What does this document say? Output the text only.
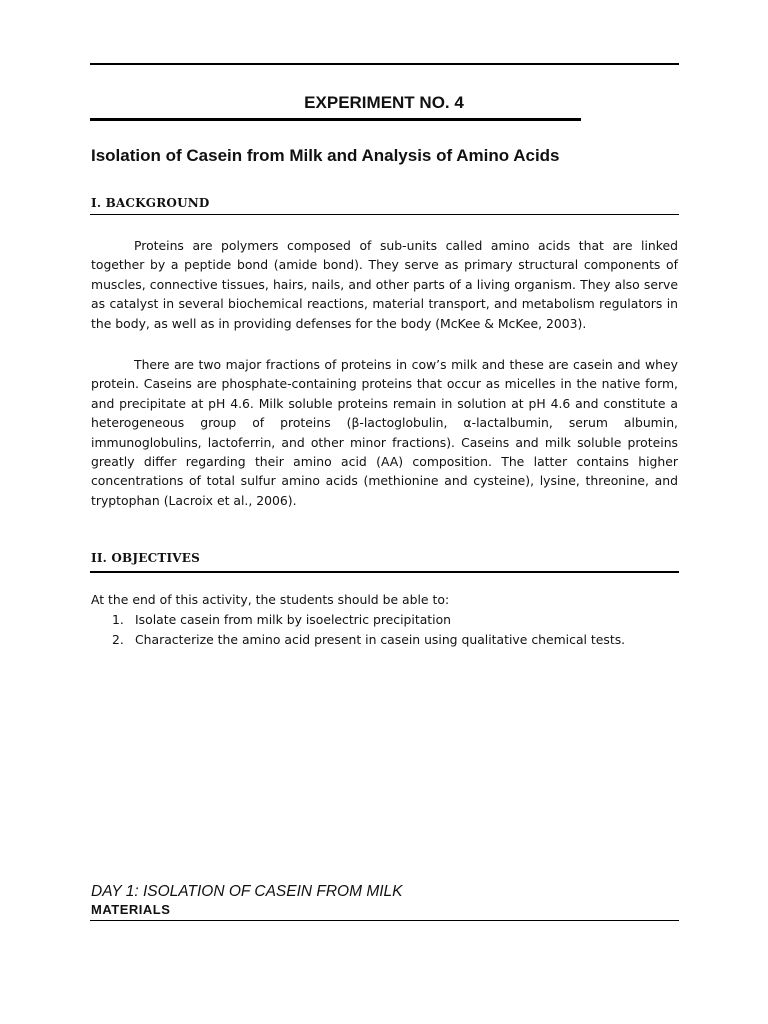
EXPERIMENT NO. 4
Isolation of Casein from Milk and Analysis of Amino Acids
I. BACKGROUND

Proteins are polymers composed of sub-units called amino acids that are linked together by a peptide bond (amide bond). They serve as primary structural components of muscles, connective tissues, hairs, nails, and other parts of a living organism. They also serve as catalyst in several biochemical reactions, material transport, and metabolism regulators in the body, as well as in providing defenses for the body (McKee & McKee, 2003).

There are two major fractions of proteins in cow’s milk and these are casein and whey protein. Caseins are phosphate-containing proteins that occur as micelles in the native form, and precipitate at pH 4.6. Milk soluble proteins remain in solution at pH 4.6 and constitute a heterogeneous group of proteins (β-lactoglobulin, α-lactalbumin, serum albumin, immunoglobulins, lactoferrin, and other minor fractions). Caseins and milk soluble proteins greatly differ regarding their amino acid (AA) composition. The latter contains higher concentrations of total sulfur amino acids (methionine and cysteine), lysine, threonine, and tryptophan (Lacroix et al., 2006).

II. OBJECTIVES
At the end of this activity, the students should be able to:
1. Isolate casein from milk by isoelectric precipitation
2. Characterize the amino acid present in casein using qualitative chemical tests.
DAY 1: ISOLATION OF CASEIN FROM MILK
MATERIALS
